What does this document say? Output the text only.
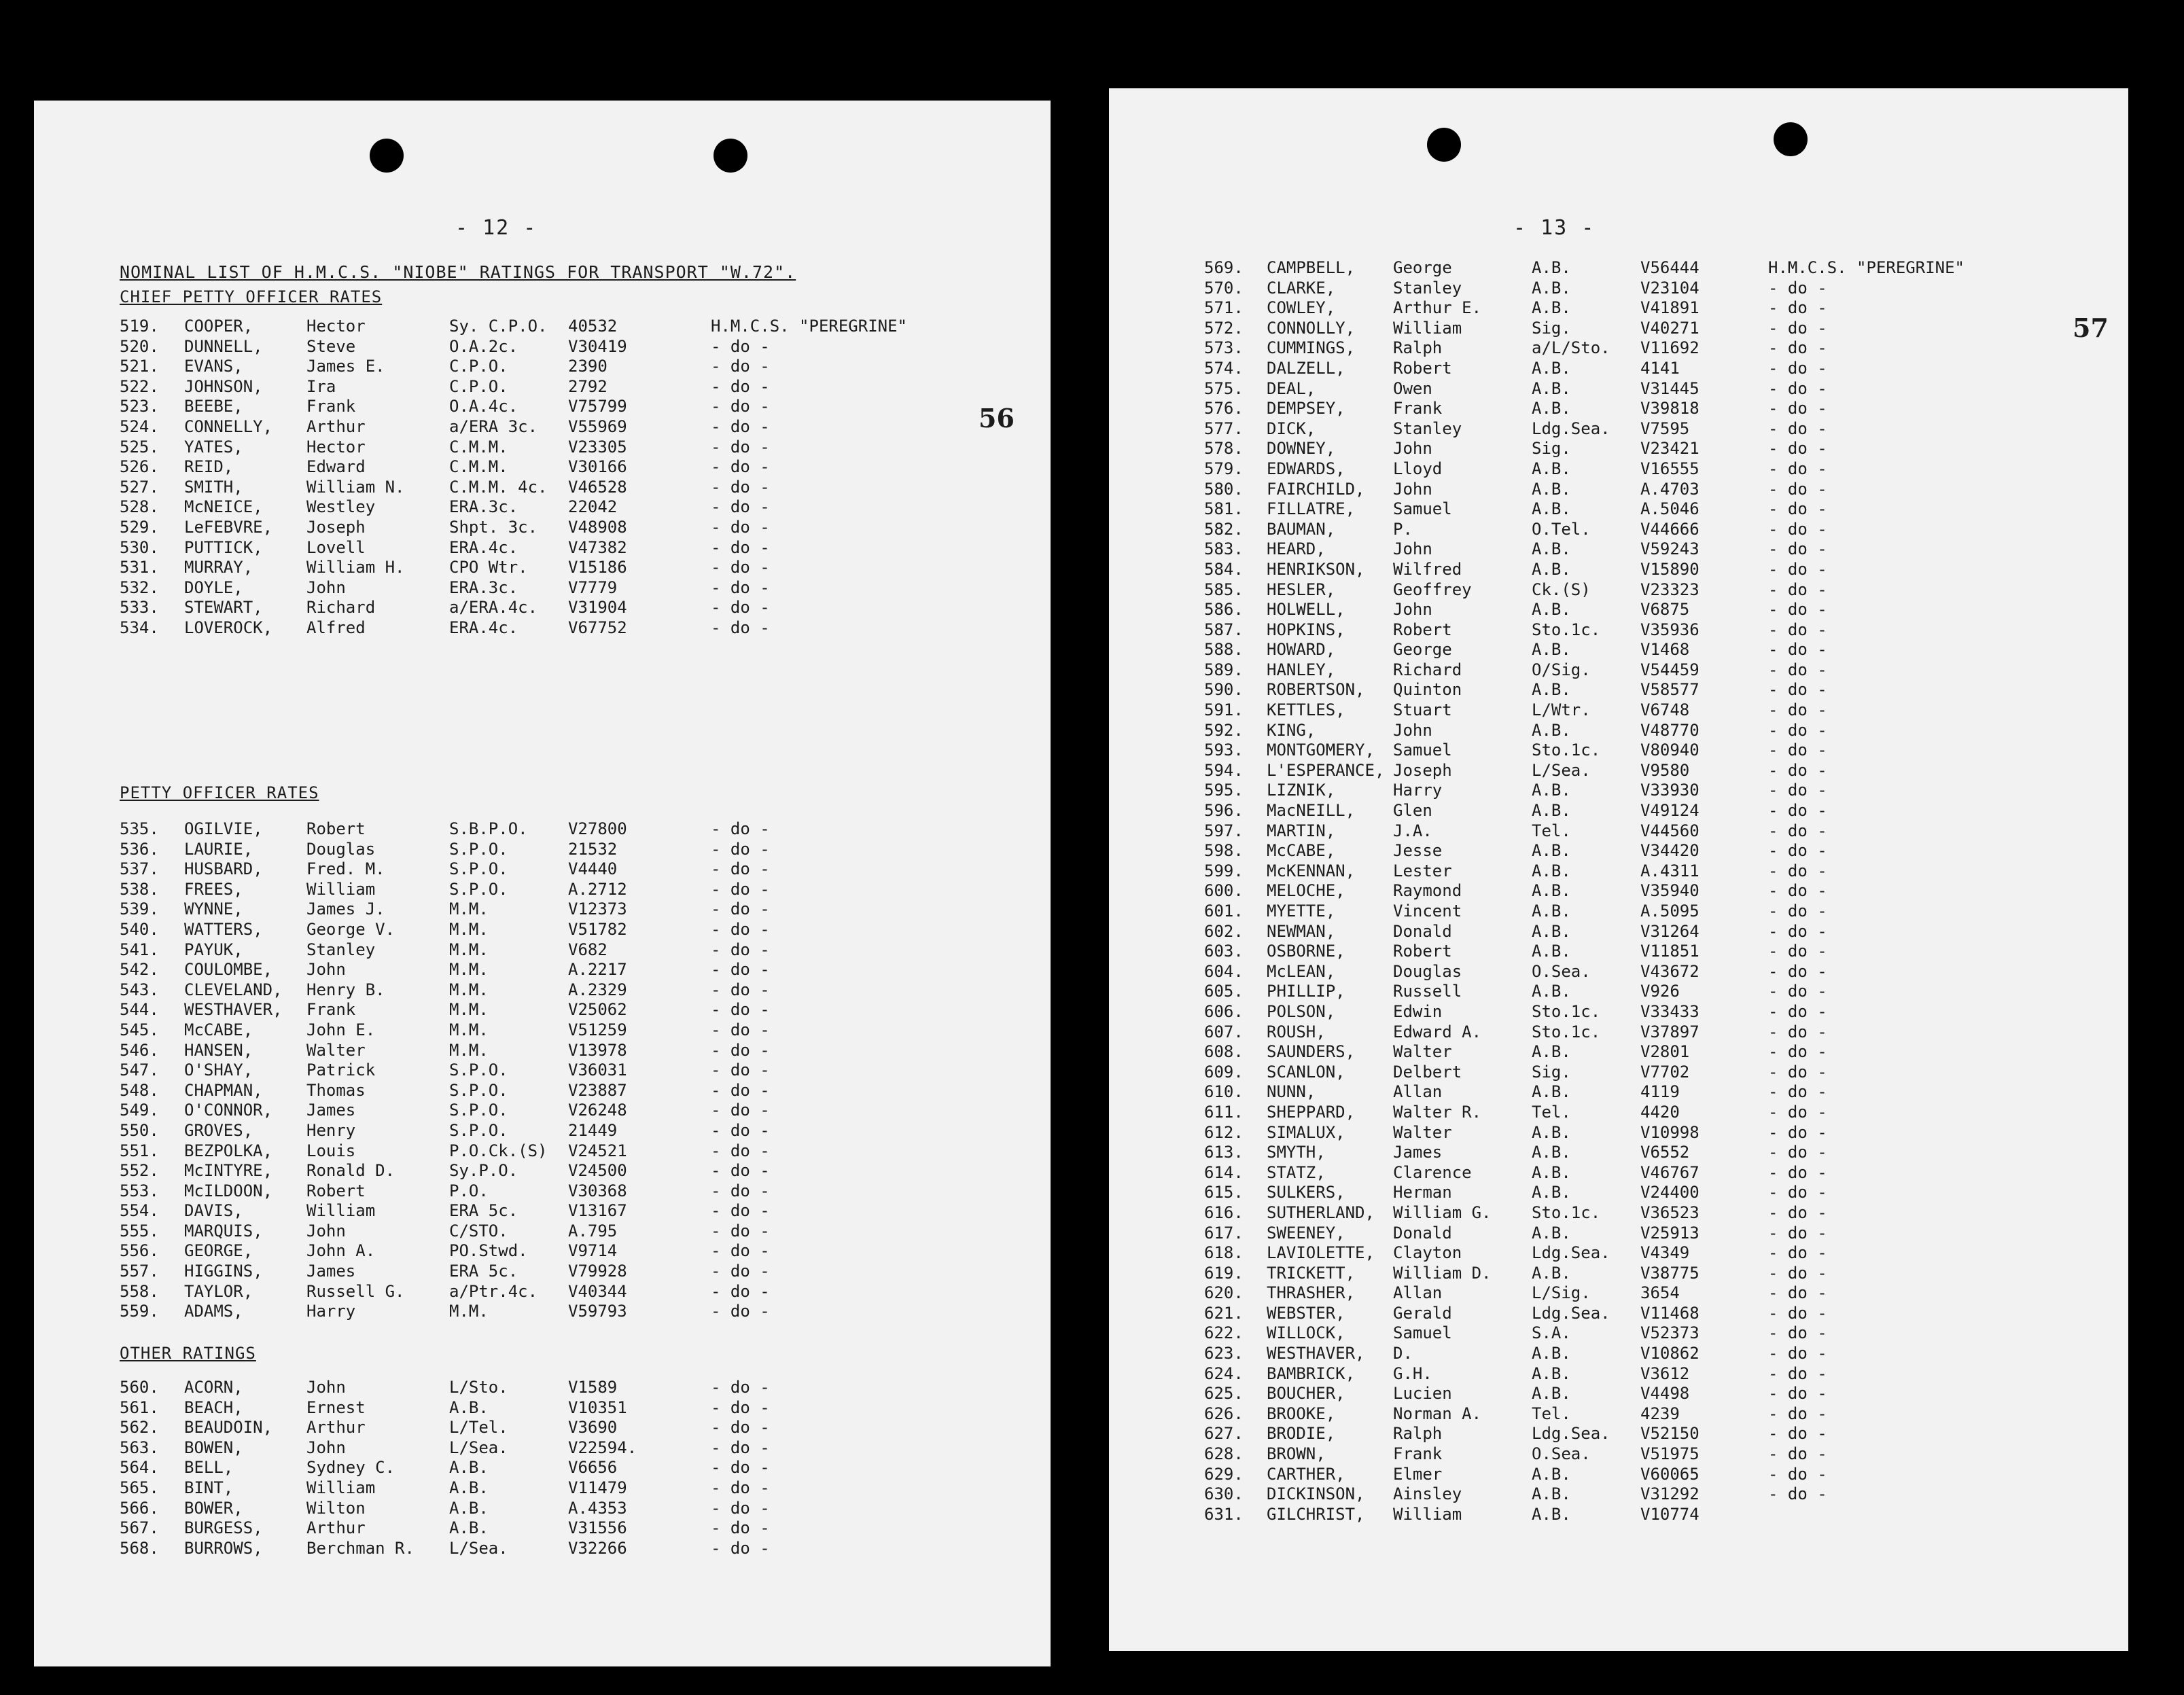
- 12 -
56
NOMINAL LIST OF H.M.C.S. "NIOBE" RATINGS FOR TRANSPORT "W.72".
CHIEF PETTY OFFICER RATES
519. COOPER,	Hector	Sy. C.P.O. 40532	H.M.C.S. "PEREGRINE"
520. DUNNELL,	Steve	O.A.2c.	V30419	- do -
521. EVANS,	James E.	C.P.O.	2390	- do -
522. JOHNSON,	Ira	C.P.O.	2792	- do -
523. BEEBE,	Frank	O.A.4c.	V75799	- do -
524. CONNELLY, Arthur	a/ERA 3c. V55969	- do -
525. YATES,	Hector	C.M.M.	V23305	- do -
526. REID,	Edward	C.M.M.	V30166	- do -
527. SMITH,	William N.	C.M.M. 4c. V46528	- do -
528. McNEICE,	Westley	ERA.3c.	22042	- do -
529. LeFEBVRE, Joseph	Shpt. 3c. V48908	- do -
530. PUTTICK,	Lovell	ERA.4c.	V47382	- do -
531. MURRAY,	William H.	CPO Wtr. V15186	- do -
532. DOYLE,	John	ERA.3c.	V7779	- do -
533. STEWART,	Richard	a/ERA.4c. V31904	- do -
534. LOVEROCK, Alfred	ERA.4c.	V67752	- do -
PETTY OFFICER RATES
535. OGILVIE,	Robert	S.B.P.O. V27800	- do -
536. LAURIE,	Douglas	S.P.O.	21532	- do -
537. HUSBARD,	Fred. M.	S.P.O.	V4440	- do -
538. FREES,	William	S.P.O.	A.2712	- do -
539. WYNNE,	James J.	M.M.	V12373	- do -
540. WATTERS,	George V.	M.M.	V51782	- do -
541. PAYUK,	Stanley	M.M.	V682	- do -
542. COULOMBE, John	M.M.	A.2217	- do -
543. CLEVELAND, Henry B.	M.M.	A.2329	- do -
544. WESTHAVER, Frank	M.M.	V25062	- do -
545. McCABE,	John E.	M.M.	V51259	- do -
546. HANSEN,	Walter	M.M.	V13978	- do -
547. O'SHAY,	Patrick	S.P.O.	V36031	- do -
548. CHAPMAN,	Thomas	S.P.O.	V23887	- do -
549. O'CONNOR, James	S.P.O.	V26248	- do -
550. GROVES,	Henry	S.P.O.	21449	- do -
551. BEZPOLKA, Louis	P.O.Ck.(S) V24521	- do -
552. McINTYRE, Ronald D.	Sy.P.O.	V24500	- do -
553. McILDOON, Robert	P.O.	V30368	- do -
554. DAVIS,	William	ERA 5c.	V13167	- do -
555. MARQUIS,	John	C/STO.	A.795	- do -
556. GEORGE,	John A.	PO.Stwd. V9714	- do -
557. HIGGINS,	James	ERA 5c.	V79928	- do -
558. TAYLOR,	Russell G.	a/Ptr.4c. V40344	- do -
559. ADAMS,	Harry	M.M.	V59793	- do -
OTHER RATINGS
560. ACORN,	John	L/Sto.	V1589	- do -
561. BEACH,	Ernest	A.B.	V10351	- do -
562. BEAUDOIN, Arthur	L/Tel.	V3690	- do -
563. BOWEN,	John	L/Sea.	V22594.	- do -
564. BELL,	Sydney C.	A.B.	V6656	- do -
565. BINT,	William	A.B.	V11479	- do -
566. BOWER,	Wilton	A.B.	A.4353	- do -
567. BURGESS,	Arthur	A.B.	V31556	- do -
568. BURROWS,	Berchman R. L/Sea.	V32266	- do -
- 13 -
57
569. CAMPBELL, George	A.B.	V56444	H.M.C.S. "PEREGRINE"
570. CLARKE,	Stanley	A.B.	V23104	- do -
571. COWLEY,	Arthur E.	A.B.	V41891	- do -
572. CONNOLLY, William	Sig.	V40271	- do -
573. CUMMINGS, Ralph	a/L/Sto. V11692	- do -
574. DALZELL,	Robert	A.B.	4141	- do -
575. DEAL,	Owen	A.B.	V31445	- do -
576. DEMPSEY,	Frank	A.B.	V39818	- do -
577. DICK,	Stanley	Ldg.Sea. V7595	- do -
578. DOWNEY,	John	Sig.	V23421	- do -
579. EDWARDS,	Lloyd	A.B.	V16555	- do -
580. FAIRCHILD, John	A.B.	A.4703	- do -
581. FILLATRE, Samuel	A.B.	A.5046	- do -
582. BAUMAN,	P.	O.Tel.	V44666	- do -
583. HEARD,	John	A.B.	V59243	- do -
584. HENRIKSON, Wilfred	A.B.	V15890	- do -
585. HESLER,	Geoffrey	Ck.(S)	V23323	- do -
586. HOLWELL,	John	A.B.	V6875	- do -
587. HOPKINS,	Robert	Sto.1c. V35936	- do -
588. HOWARD,	George	A.B.	V1468	- do -
589. HANLEY,	Richard	O/Sig.	V54459	- do -
590. ROBERTSON, Quinton	A.B.	V58577	- do -
591. KETTLES,	Stuart	L/Wtr.	V6748	- do -
592. KING,	John	A.B.	V48770	- do -
593. MONTGOMERY, Samuel	Sto.1c. V80940	- do -
594. L'ESPERANCE, Joseph	L/Sea.	V9580	- do -
595. LIZNIK,	Harry	A.B.	V33930	- do -
596. MacNEILL, Glen	A.B.	V49124	- do -
597. MARTIN,	J.A.	Tel.	V44560	- do -
598. McCABE,	Jesse	A.B.	V34420	- do -
599. McKENNAN, Lester	A.B.	A.4311	- do -
600. MELOCHE,	Raymond	A.B.	V35940	- do -
601. MYETTE,	Vincent	A.B.	A.5095	- do -
602. NEWMAN,	Donald	A.B.	V31264	- do -
603. OSBORNE,	Robert	A.B.	V11851	- do -
604. McLEAN,	Douglas	O.Sea.	V43672	- do -
605. PHILLIP,	Russell	A.B.	V926	- do -
606. POLSON,	Edwin	Sto.1c. V33433	- do -
607. ROUSH,	Edward A.	Sto.1c. V37897	- do -
608. SAUNDERS, Walter	A.B.	V2801	- do -
609. SCANLON,	Delbert	Sig.	V7702	- do -
610. NUNN,	Allan	A.B.	4119	- do -
611. SHEPPARD, Walter R.	Tel.	4420	- do -
612. SIMALUX,	Walter	A.B.	V10998	- do -
613. SMYTH,	James	A.B.	V6552	- do -
614. STATZ,	Clarence	A.B.	V46767	- do -
615. SULKERS,	Herman	A.B.	V24400	- do -
616. SUTHERLAND, William G. Sto.1c. V36523	- do -
617. SWEENEY,	Donald	A.B.	V25913	- do -
618. LAVIOLETTE, Clayton	Ldg.Sea. V4349	- do -
619. TRICKETT, William D. A.B.	V38775	- do -
620. THRASHER, Allan	L/Sig.	3654	- do -
621. WEBSTER,	Gerald	Ldg.Sea. V11468	- do -
622. WILLOCK,	Samuel	S.A.	V52373	- do -
623. WESTHAVER, D.	A.B.	V10862	- do -
624. BAMBRICK, G.H.	A.B.	V3612	- do -
625. BOUCHER,	Lucien	A.B.	V4498	- do -
626. BROOKE,	Norman A.	Tel.	4239	- do -
627. BRODIE,	Ralph	Ldg.Sea. V52150	- do -
628. BROWN,	Frank	O.Sea.	V51975	- do -
629. CARTHER,	Elmer	A.B.	V60065	- do -
630. DICKINSON, Ainsley	A.B.	V31292	- do -
631. GILCHRIST, William	A.B.	V10774
